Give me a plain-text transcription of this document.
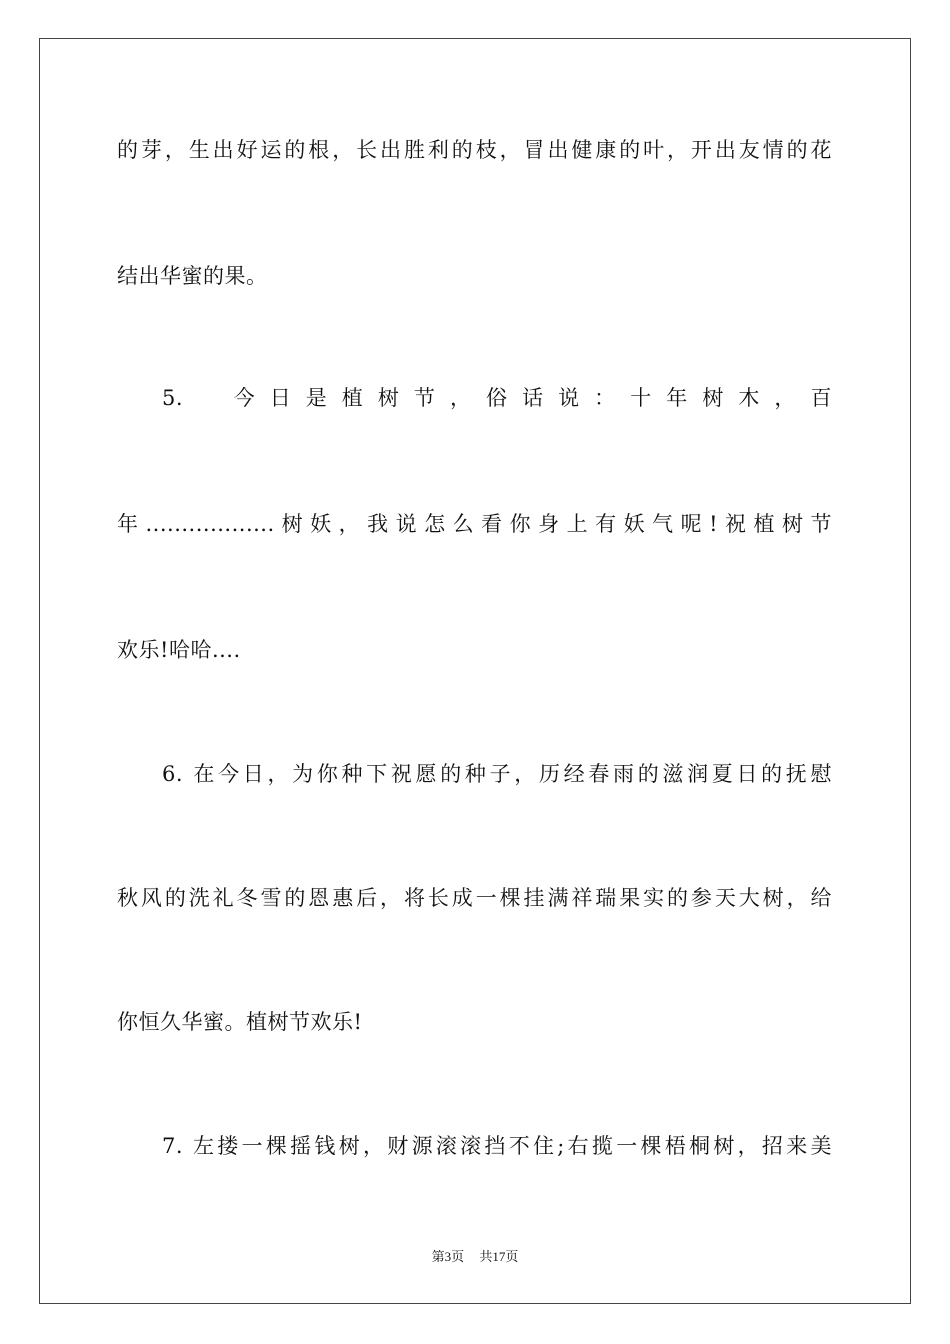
的芽，生出好运的根，长出胜利的枝，冒出健康的叶，开出友情的花
结出华蜜的果。
5.　今日是植树节，俗话说：十年树木，百
年..................树妖，我说怎么看你身上有妖气呢!祝植树节
欢乐!哈哈....
6. 在今日，为你种下祝愿的种子，历经春雨的滋润夏日的抚慰
秋风的洗礼冬雪的恩惠后，将长成一棵挂满祥瑞果实的参天大树，给
你恒久华蜜。植树节欢乐!
7. 左搂一棵摇钱树，财源滚滚挡不住;右揽一棵梧桐树，招来美
第3页 共17页
